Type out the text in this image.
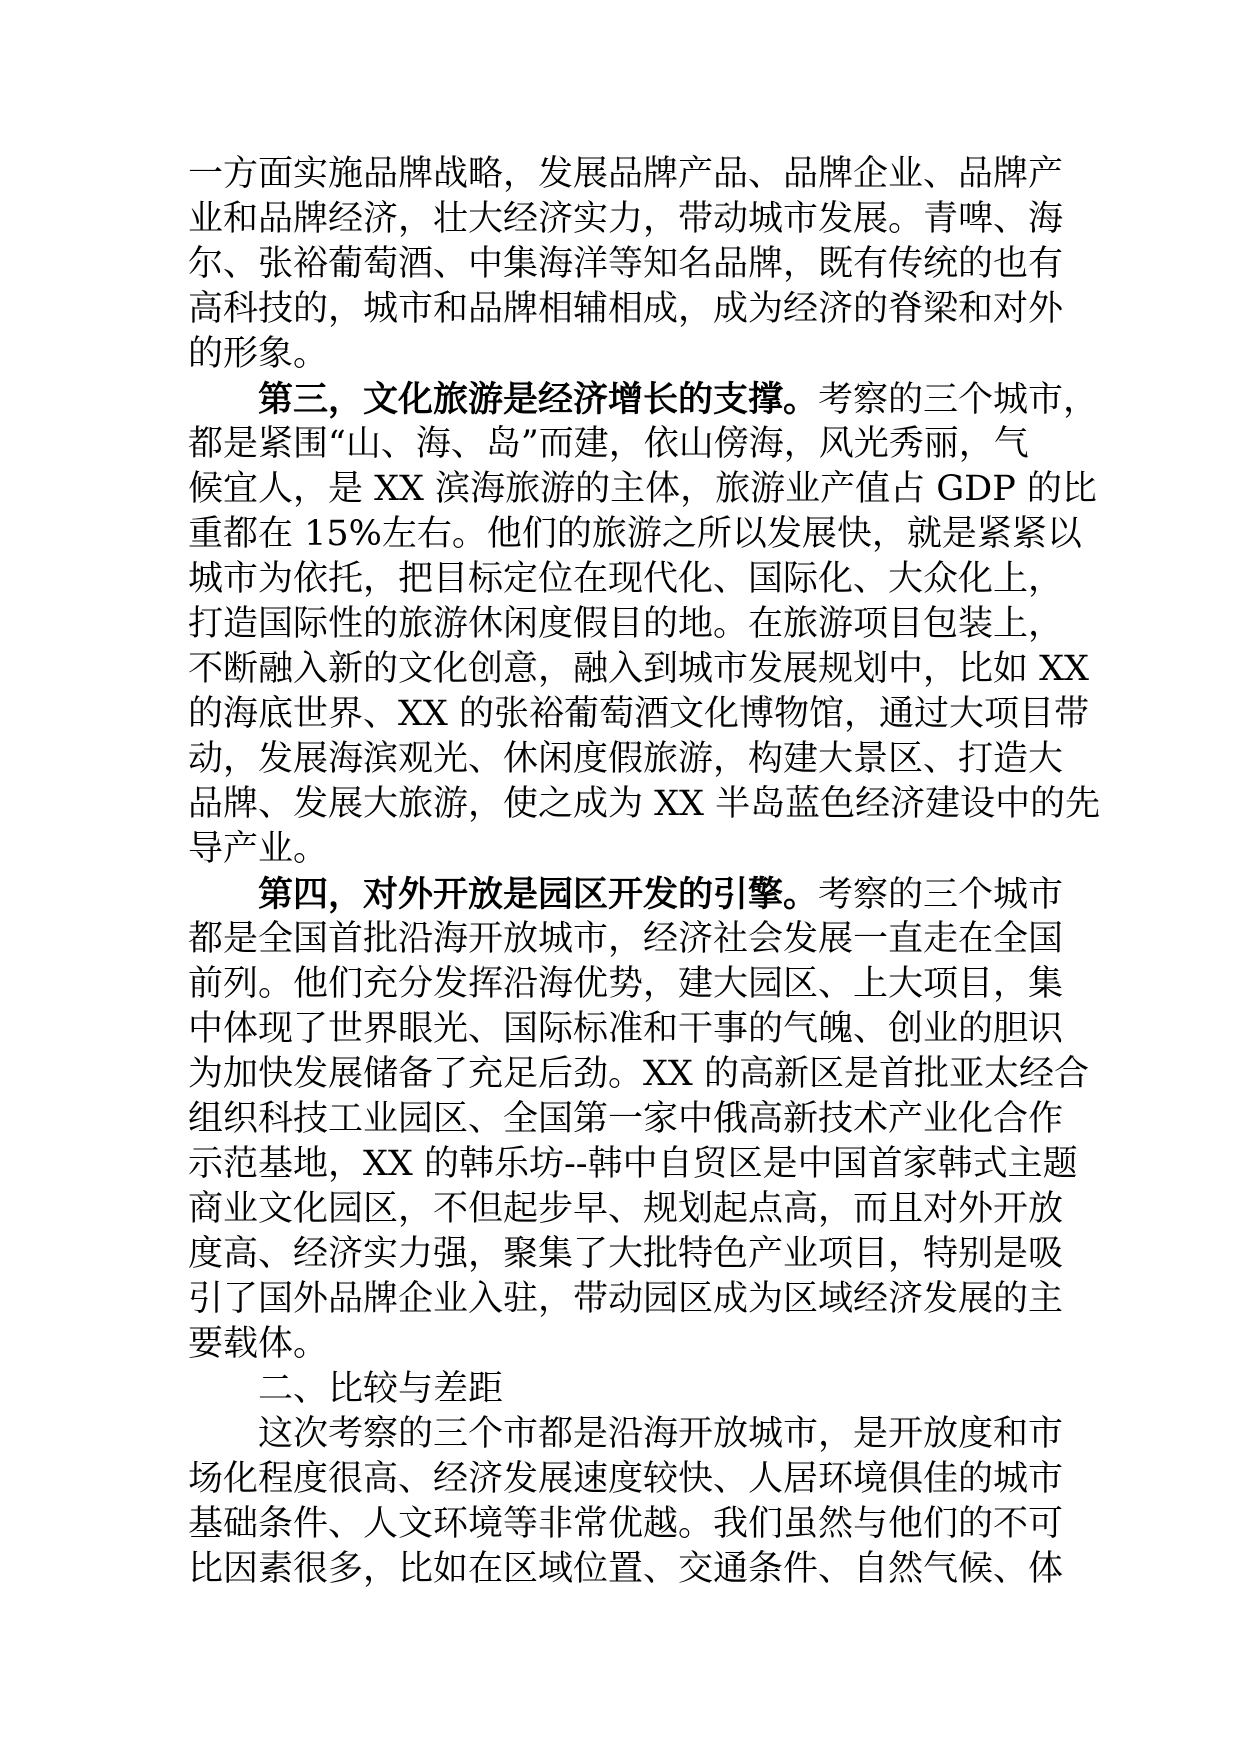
一方面实施品牌战略，发展品牌产品、品牌企业、品牌产

业和品牌经济，壮大经济实力，带动城市发展。青啤、海

尔、张裕葡萄酒、中集海洋等知名品牌，既有传统的也有

高科技的，城市和品牌相辅相成，成为经济的脊梁和对外

的形象。

第三，文化旅游是经济增长的支撑。考察的三个城市，

都是紧围“山、海、岛”而建，依山傍海，风光秀丽，气

候宜人，是 XX 滨海旅游的主体，旅游业产值占 GDP 的比

重都在 15%左右。他们的旅游之所以发展快，就是紧紧以

城市为依托，把目标定位在现代化、国际化、大众化上，

打造国际性的旅游休闲度假目的地。在旅游项目包装上，

不断融入新的文化创意，融入到城市发展规划中，比如 XX

的海底世界、XX 的张裕葡萄酒文化博物馆，通过大项目带

动，发展海滨观光、休闲度假旅游，构建大景区、打造大

品牌、发展大旅游，使之成为 XX 半岛蓝色经济建设中的先

导产业。

第四，对外开放是园区开发的引擎。考察的三个城市

都是全国首批沿海开放城市，经济社会发展一直走在全国

前列。他们充分发挥沿海优势，建大园区、上大项目，集

中体现了世界眼光、国际标准和干事的气魄、创业的胆识

为加快发展储备了充足后劲。XX 的高新区是首批亚太经合

组织科技工业园区、全国第一家中俄高新技术产业化合作

示范基地，XX 的韩乐坊--韩中自贸区是中国首家韩式主题

商业文化园区，不但起步早、规划起点高，而且对外开放

度高、经济实力强，聚集了大批特色产业项目，特别是吸

引了国外品牌企业入驻，带动园区成为区域经济发展的主

要载体。

二、比较与差距

这次考察的三个市都是沿海开放城市，是开放度和市

场化程度很高、经济发展速度较快、人居环境俱佳的城市

基础条件、人文环境等非常优越。我们虽然与他们的不可

比因素很多，比如在区域位置、交通条件、自然气候、体
